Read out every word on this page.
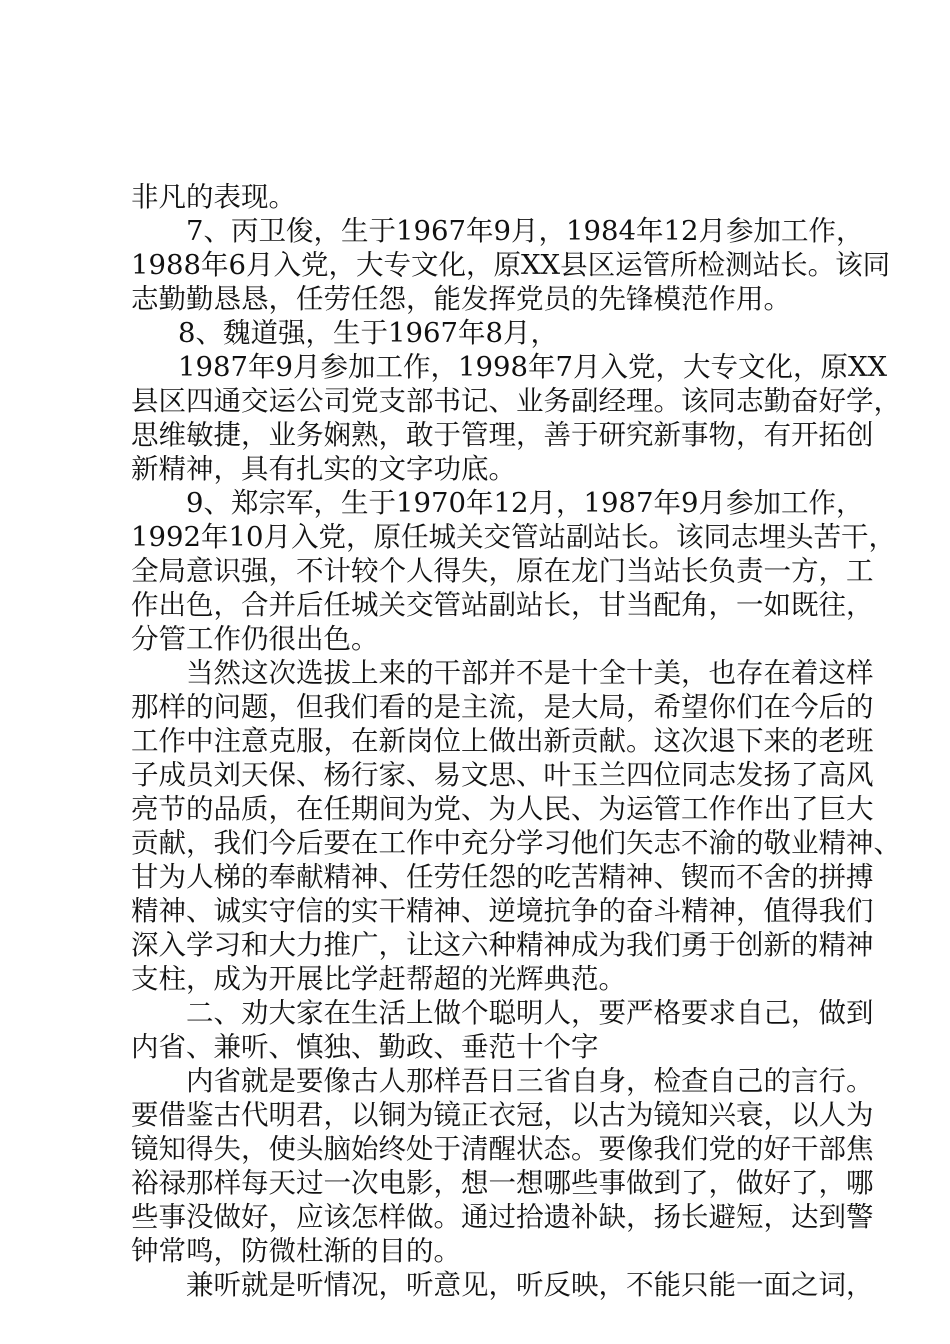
非凡的表现。
7、丙卫俊，生于1967年9月，1984年12月参加工作，
1988年6月入党，大专文化，原XX县区运管所检测站长。该同
志勤勤恳恳，任劳任怨，能发挥党员的先锋模范作用。
8、魏道强，生于1967年8月，
1987年9月参加工作，1998年7月入党，大专文化，原XX
县区四通交运公司党支部书记、业务副经理。该同志勤奋好学，
思维敏捷，业务娴熟，敢于管理，善于研究新事物，有开拓创
新精神，具有扎实的文字功底。
9、郑宗军，生于1970年12月，1987年9月参加工作，
1992年10月入党，原任城关交管站副站长。该同志埋头苦干，
全局意识强，不计较个人得失，原在龙门当站长负责一方，工
作出色，合并后任城关交管站副站长，甘当配角，一如既往，
分管工作仍很出色。
当然这次选拔上来的干部并不是十全十美，也存在着这样
那样的问题，但我们看的是主流，是大局，希望你们在今后的
工作中注意克服，在新岗位上做出新贡献。这次退下来的老班
子成员刘天保、杨行家、易文思、叶玉兰四位同志发扬了高风
亮节的品质，在任期间为党、为人民、为运管工作作出了巨大
贡献，我们今后要在工作中充分学习他们矢志不渝的敬业精神、
甘为人梯的奉献精神、任劳任怨的吃苦精神、锲而不舍的拼搏
精神、诚实守信的实干精神、逆境抗争的奋斗精神，值得我们
深入学习和大力推广，让这六种精神成为我们勇于创新的精神
支柱，成为开展比学赶帮超的光辉典范。
二、劝大家在生活上做个聪明人，要严格要求自己，做到
内省、兼听、慎独、勤政、垂范十个字
内省就是要像古人那样吾日三省自身，检查自己的言行。
要借鉴古代明君，以铜为镜正衣冠，以古为镜知兴衰，以人为
镜知得失，使头脑始终处于清醒状态。要像我们党的好干部焦
裕禄那样每天过一次电影，想一想哪些事做到了，做好了，哪
些事没做好，应该怎样做。通过拾遗补缺，扬长避短，达到警
钟常鸣，防微杜渐的目的。
兼听就是听情况，听意见，听反映，不能只能一面之词，
